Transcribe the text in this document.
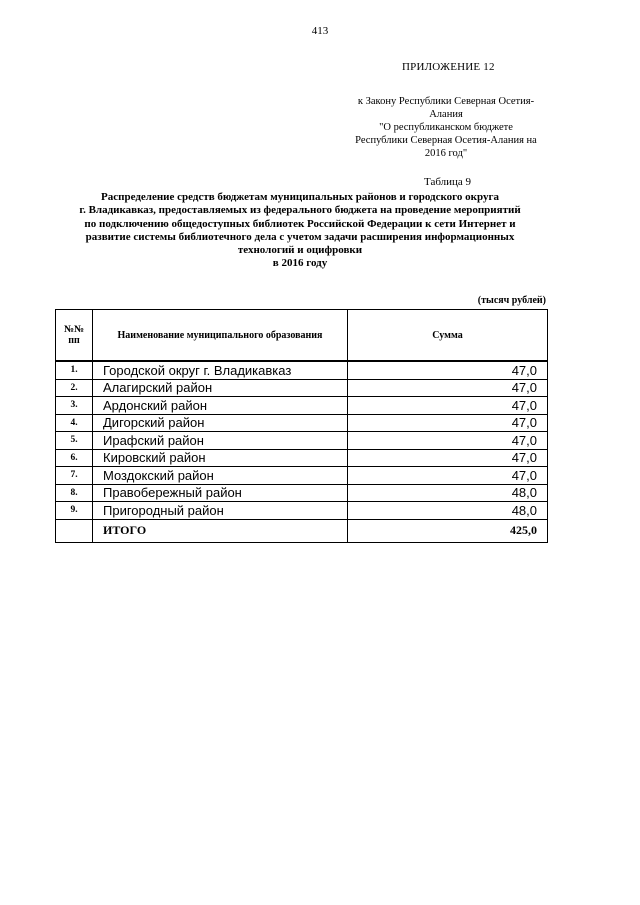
413
ПРИЛОЖЕНИЕ 12
к Закону Республики Северная Осетия-
Алания
"О республиканском бюджете
Республики Северная Осетия-Алания на
2016 год"
Таблица 9
Распределение средств бюджетам муниципальных районов и городского округа
г. Владикавказ, предоставляемых из федерального бюджета на проведение мероприятий
по подключению общедоступных библиотек Российской Федерации к сети Интернет и
развитие системы библиотечного дела с учетом задачи расширения информационных
технологий и оцифровки
в 2016 году
(тысяч рублей)
№№
пп	Наименование муниципального образования	Сумма
1.	Городской округ г. Владикавказ	47,0
2.	Алагирский район	47,0
3.	Ардонский район	47,0
4.	Дигорский район	47,0
5.	Ирафский район	47,0
6.	Кировский район	47,0
7.	Моздокский район	47,0
8.	Правобережный район	48,0
9.	Пригородный район	48,0
	ИТОГО	425,0
